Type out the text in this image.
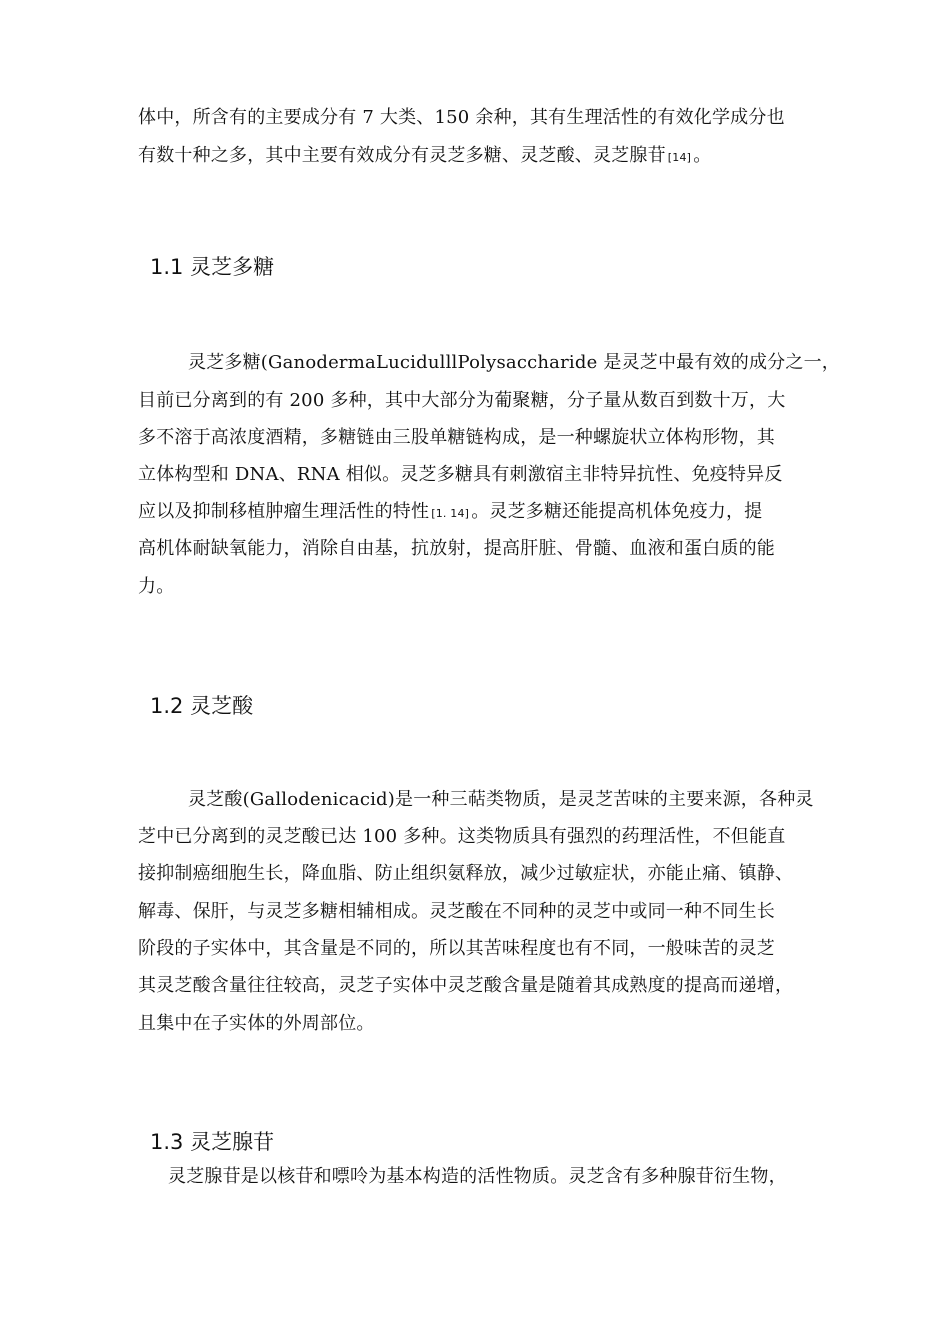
体中，所含有的主要成分有 7 大类、150 余种，其有生理活性的有效化学成分也
有数十种之多，其中主要有效成分有灵芝多糖、灵芝酸、灵芝腺苷 [14] 。
1.1 灵芝多糖
灵芝多糖(GanodermaLucidulllPolysaccharide 是灵芝中最有效的成分之一，
目前已分离到的有 200 多种，其中大部分为葡聚糖，分子量从数百到数十万，大
多不溶于高浓度酒精，多糖链由三股单糖链构成，是一种螺旋状立体构形物，其
立体构型和 DNA、RNA 相似。灵芝多糖具有刺激宿主非特异抗性、免疫特异反
应以及抑制移植肿瘤生理活性的特性 [1. 14] 。灵芝多糖还能提高机体免疫力，提
高机体耐缺氧能力，消除自由基，抗放射，提高肝脏、骨髓、血液和蛋白质的能
力。
1.2 灵芝酸
灵芝酸(Gallodenicacid)是一种三萜类物质，是灵芝苦味的主要来源，各种灵
芝中已分离到的灵芝酸已达 100 多种。这类物质具有强烈的药理活性，不但能直
接抑制癌细胞生长，降血脂、防止组织氨释放，减少过敏症状，亦能止痛、镇静、
解毒、保肝，与灵芝多糖相辅相成。灵芝酸在不同种的灵芝中或同一种不同生长
阶段的子实体中，其含量是不同的，所以其苦味程度也有不同，一般味苦的灵芝
其灵芝酸含量往往较高，灵芝子实体中灵芝酸含量是随着其成熟度的提高而递增，
且集中在子实体的外周部位。
1.3 灵芝腺苷
灵芝腺苷是以核苷和嘌呤为基本构造的活性物质。灵芝含有多种腺苷衍生物，
